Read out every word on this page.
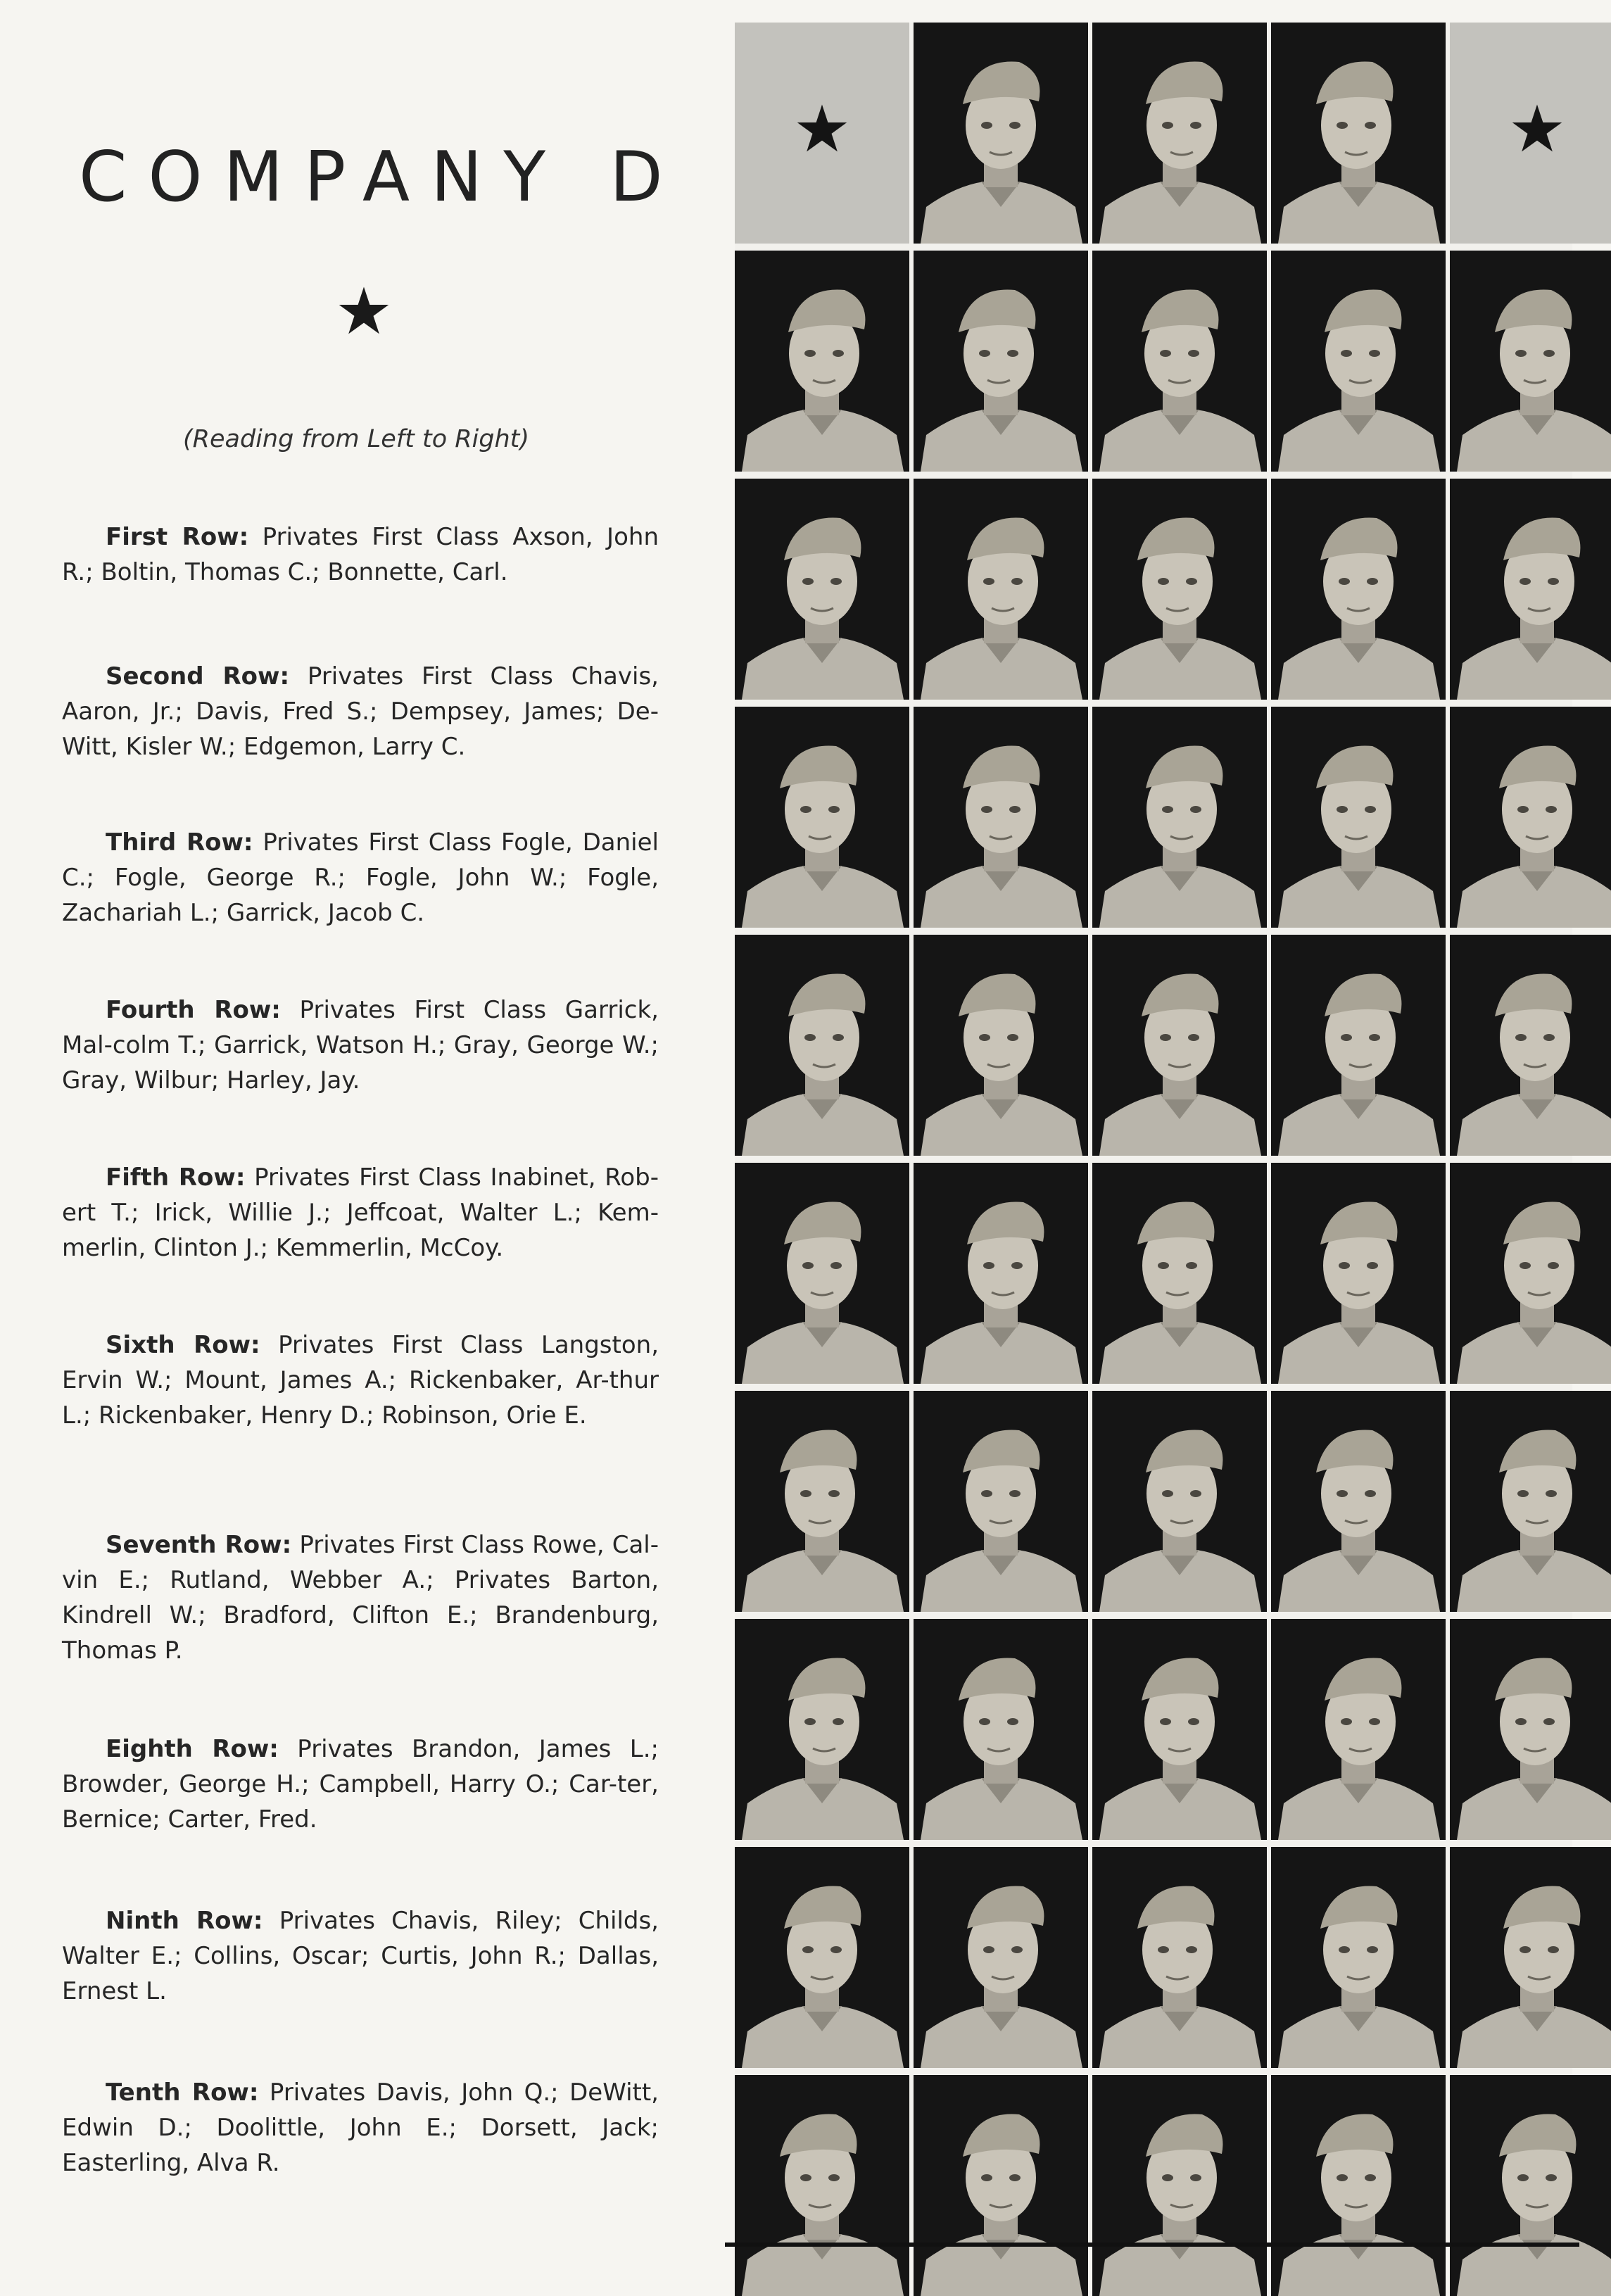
COMPANY D
★
(Reading from Left to Right)

First Row: Privates First Class Axson, John R.; Boltin, Thomas C.; Bonnette, Carl.

Second Row: Privates First Class Chavis, Aaron, Jr.; Davis, Fred S.; Dempsey, James; De-Witt, Kisler W.; Edgemon, Larry C.

Third Row: Privates First Class Fogle, Daniel C.; Fogle, George R.; Fogle, John W.; Fogle, Zachariah L.; Garrick, Jacob C.

Fourth Row: Privates First Class Garrick, Mal-colm T.; Garrick, Watson H.; Gray, George W.; Gray, Wilbur; Harley, Jay.

Fifth Row: Privates First Class Inabinet, Rob-ert T.; Irick, Willie J.; Jeffcoat, Walter L.; Kem-merlin, Clinton J.; Kemmerlin, McCoy.

Sixth Row: Privates First Class Langston, Ervin W.; Mount, James A.; Rickenbaker, Ar-thur L.; Rickenbaker, Henry D.; Robinson, Orie E.

Seventh Row: Privates First Class Rowe, Cal-vin E.; Rutland, Webber A.; Privates Barton, Kindrell W.; Bradford, Clifton E.; Brandenburg, Thomas P.

Eighth Row: Privates Brandon, James L.; Browder, George H.; Campbell, Harry O.; Car-ter, Bernice; Carter, Fred.

Ninth Row: Privates Chavis, Riley; Childs, Walter E.; Collins, Oscar; Curtis, John R.; Dallas, Ernest L.

Tenth Row: Privates Davis, John Q.; DeWitt, Edwin D.; Doolittle, John E.; Dorsett, Jack; Easterling, Alva R.

★	★
